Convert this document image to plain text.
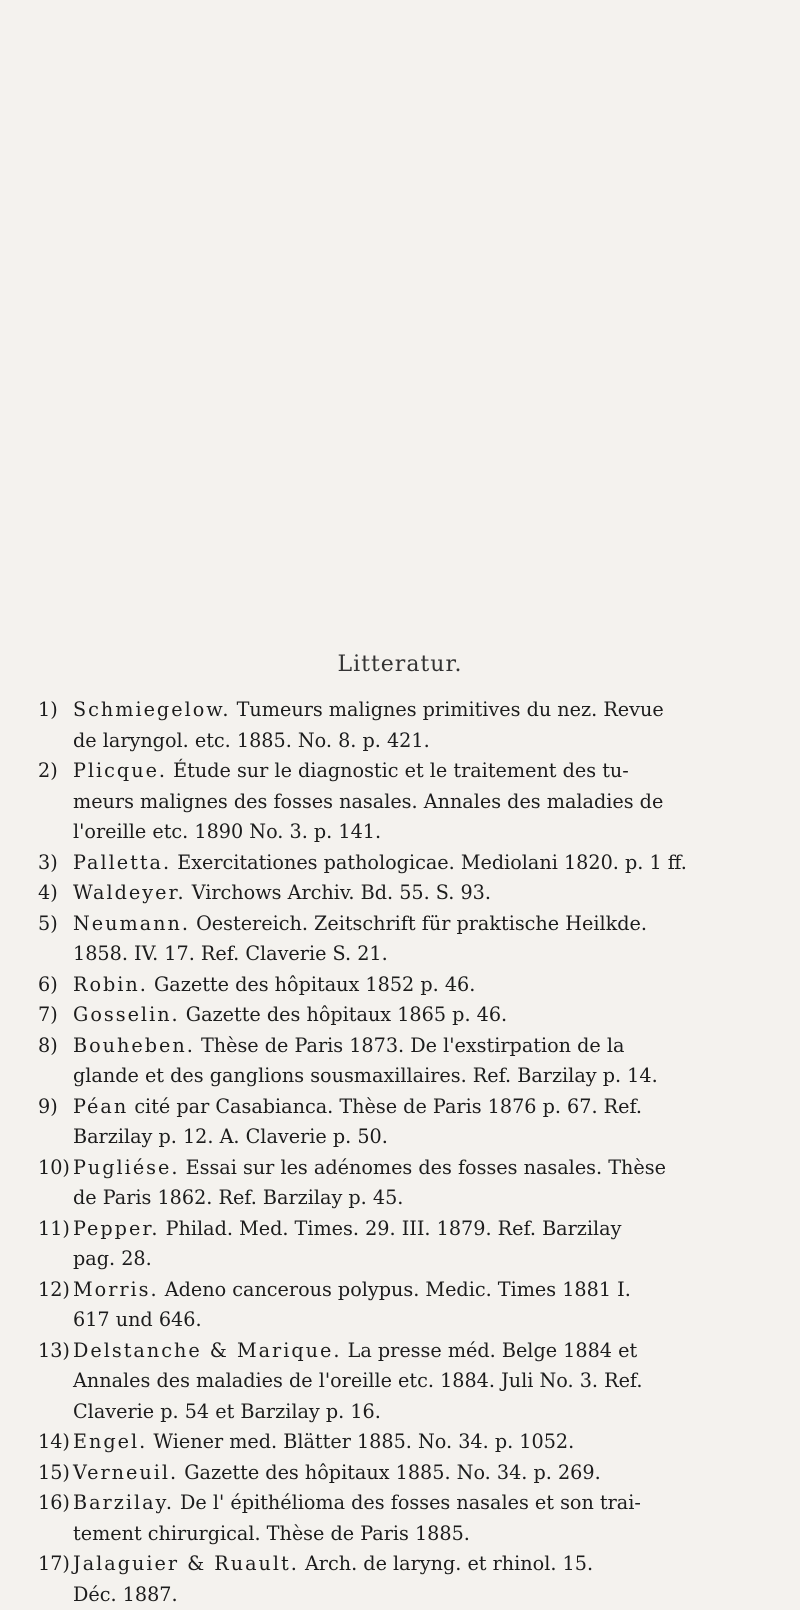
Litteratur.
1) Schmiegelow. Tumeurs malignes primitives du nez. Revue
de laryngol. etc. 1885. No. 8. p. 421.
2) Plicque. Étude sur le diagnostic et le traitement des tu-
meurs malignes des fosses nasales. Annales des maladies de
l'oreille etc. 1890 No. 3. p. 141.
3) Palletta. Exercitationes pathologicae. Mediolani 1820. p. 1 ff.
4) Waldeyer. Virchows Archiv. Bd. 55. S. 93.
5) Neumann. Oestereich. Zeitschrift für praktische Heilkde.
1858. IV. 17. Ref. Claverie S. 21.
6) Robin. Gazette des hôpitaux 1852 p. 46.
7) Gosselin. Gazette des hôpitaux 1865 p. 46.
8) Bouheben. Thèse de Paris 1873. De l'exstirpation de la
glande et des ganglions sousmaxillaires. Ref. Barzilay p. 14.
9) Péan cité par Casabianca. Thèse de Paris 1876 p. 67. Ref.
Barzilay p. 12. A. Claverie p. 50.
10) Pugliése. Essai sur les adénomes des fosses nasales. Thèse
de Paris 1862. Ref. Barzilay p. 45.
11) Pepper. Philad. Med. Times. 29. III. 1879. Ref. Barzilay
pag. 28.
12) Morris. Adeno cancerous polypus. Medic. Times 1881 I.
617 und 646.
13) Delstanche & Marique. La presse méd. Belge 1884 et
Annales des maladies de l'oreille etc. 1884. Juli No. 3. Ref.
Claverie p. 54 et Barzilay p. 16.
14) Engel. Wiener med. Blätter 1885. No. 34. p. 1052.
15) Verneuil. Gazette des hôpitaux 1885. No. 34. p. 269.
16) Barzilay. De l' épithélioma des fosses nasales et son trai-
tement chirurgical. Thèse de Paris 1885.
17) Jalaguier & Ruault. Arch. de laryng. et rhinol. 15.
Déc. 1887.
